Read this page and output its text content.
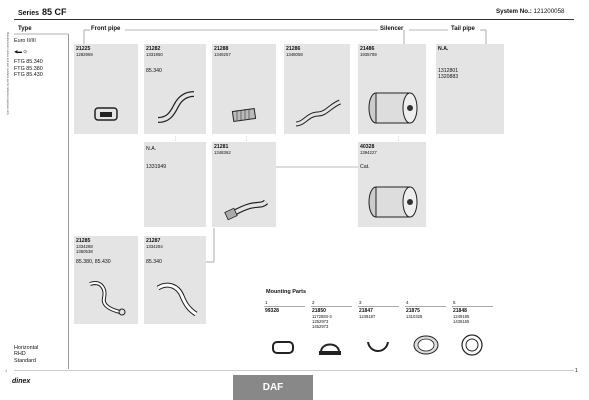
Series 85 CF	System No.: 121200058
Manufacturers names and part numbers are for reference purposes only
1
Type	Front pipe	Silencer	Tail pipe
⋮	⋮	⋮
Euro II/III
◀▬ ⊙
FTG 85.340
FTG 85.380
FTG 85.430
21225
1282969
21282
1331950
85.340
21288
1349257
21286
1348058
21486
1935789
N.A.
1312801
1320883
N.A.

1331949
21281
1348362
40328
1394227
Cat.
21285
1334288
1350538
85.380, 85.430
21287
1334284
85.340
Mounting Parts
1
99328
2
21850
1172883-3
1252973
1452973
3
21847
1249187
4
21875
1310328
5
21848
1249185
1436165
Horizontal
RHD
Standard
dinex
DAF
1
